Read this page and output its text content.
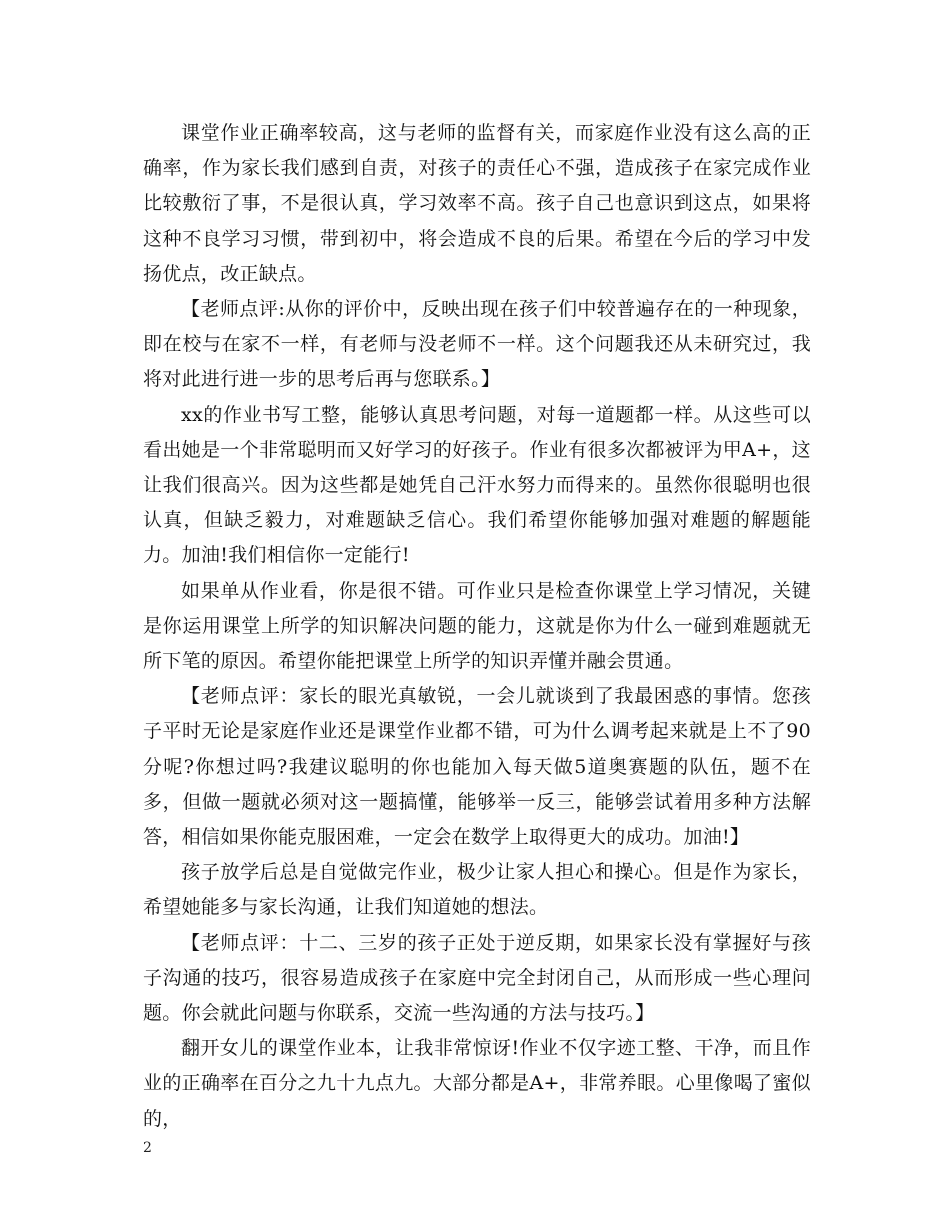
课堂作业正确率较高，这与老师的监督有关，而家庭作业没有这么高的正确率，作为家长我们感到自责，对孩子的责任心不强，造成孩子在家完成作业比较敷衍了事，不是很认真，学习效率不高。孩子自己也意识到这点，如果将这种不良学习习惯，带到初中，将会造成不良的后果。希望在今后的学习中发扬优点，改正缺点。

【老师点评:从你的评价中，反映出现在孩子们中较普遍存在的一种现象，即在校与在家不一样，有老师与没老师不一样。这个问题我还从未研究过，我将对此进行进一步的思考后再与您联系。】

xx的作业书写工整，能够认真思考问题，对每一道题都一样。从这些可以看出她是一个非常聪明而又好学习的好孩子。作业有很多次都被评为甲A+，这让我们很高兴。因为这些都是她凭自己汗水努力而得来的。虽然你很聪明也很认真，但缺乏毅力，对难题缺乏信心。我们希望你能够加强对难题的解题能力。加油!我们相信你一定能行!

如果单从作业看，你是很不错。可作业只是检查你课堂上学习情况，关键是你运用课堂上所学的知识解决问题的能力，这就是你为什么一碰到难题就无所下笔的原因。希望你能把课堂上所学的知识弄懂并融会贯通。

【老师点评：家长的眼光真敏锐，一会儿就谈到了我最困惑的事情。您孩子平时无论是家庭作业还是课堂作业都不错，可为什么调考起来就是上不了90分呢?你想过吗?我建议聪明的你也能加入每天做5道奥赛题的队伍，题不在多，但做一题就必须对这一题搞懂，能够举一反三，能够尝试着用多种方法解答，相信如果你能克服困难，一定会在数学上取得更大的成功。加油!】

孩子放学后总是自觉做完作业，极少让家人担心和操心。但是作为家长，希望她能多与家长沟通，让我们知道她的想法。

【老师点评：十二、三岁的孩子正处于逆反期，如果家长没有掌握好与孩子沟通的技巧，很容易造成孩子在家庭中完全封闭自己，从而形成一些心理问题。你会就此问题与你联系，交流一些沟通的方法与技巧。】

翻开女儿的课堂作业本，让我非常惊讶!作业不仅字迹工整、干净，而且作业的正确率在百分之九十九点九。大部分都是A+，非常养眼。心里像喝了蜜似的，

2
